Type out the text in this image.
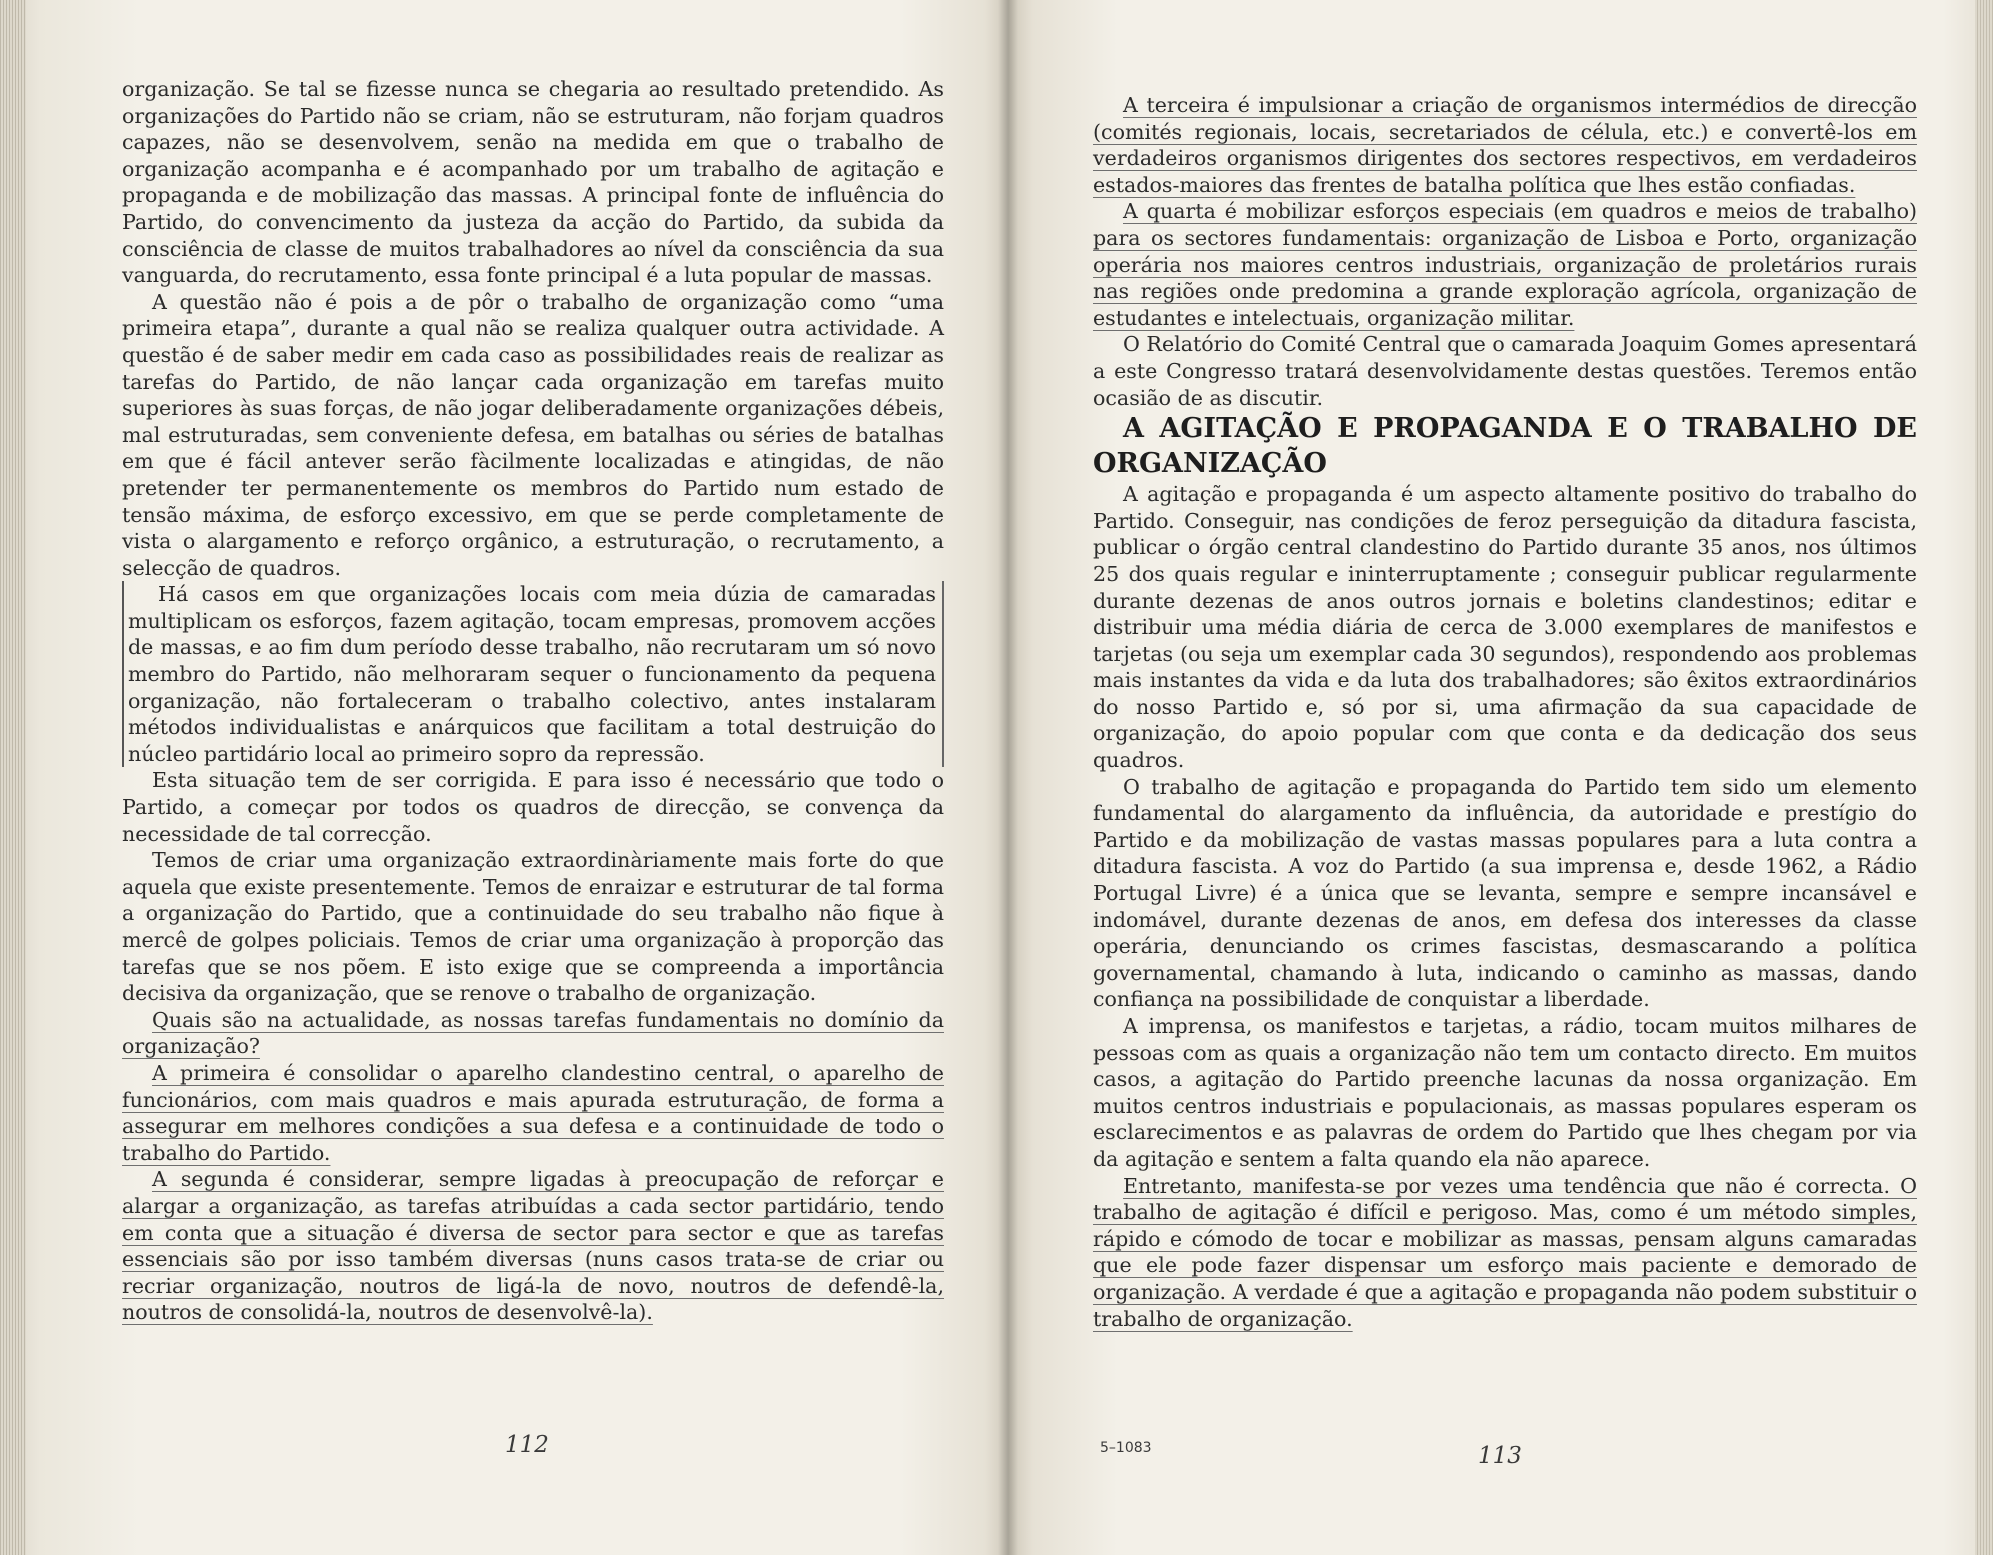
organização. Se tal se fizesse nunca se chegaria ao resultado pretendido. As organizações do Partido não se criam, não se estruturam, não forjam quadros capazes, não se desenvolvem, senão na medida em que o trabalho de organização acompanha e é acompanhado por um trabalho de agitação e propaganda e de mobilização das massas. A principal fonte de influência do Partido, do convencimento da justeza da acção do Partido, da subida da consciência de classe de muitos trabalhadores ao nível da consciência da sua vanguarda, do recrutamento, essa fonte principal é a luta popular de massas.

A questão não é pois a de pôr o trabalho de organização como “uma primeira etapa”, durante a qual não se realiza qualquer outra actividade. A questão é de saber medir em cada caso as possibilidades reais de realizar as tarefas do Partido, de não lançar cada organização em tarefas muito superiores às suas forças, de não jogar deliberadamente organizações débeis, mal estruturadas, sem conveniente defesa, em batalhas ou séries de batalhas em que é fácil antever serão fàcilmente localizadas e atingidas, de não pretender ter permanentemente os membros do Partido num estado de tensão máxima, de esforço excessivo, em que se perde completamente de vista o alargamento e reforço orgânico, a estruturação, o recrutamento, a selecção de quadros.

Há casos em que organizações locais com meia dúzia de camaradas multiplicam os esforços, fazem agitação, tocam empresas, promovem acções de massas, e ao fim dum período desse trabalho, não recrutaram um só novo membro do Partido, não melhoraram sequer o funcionamento da pequena organização, não fortaleceram o trabalho colectivo, antes instalaram métodos individualistas e anárquicos que facilitam a total destruição do núcleo partidário local ao primeiro sopro da repressão.

Esta situação tem de ser corrigida. E para isso é necessário que todo o Partido, a começar por todos os quadros de direcção, se convença da necessidade de tal correcção.

Temos de criar uma organização extraordinàriamente mais forte do que aquela que existe presentemente. Temos de enraizar e estruturar de tal forma a organização do Partido, que a continuidade do seu trabalho não fique à mercê de golpes policiais. Temos de criar uma organização à proporção das tarefas que se nos põem. E isto exige que se compreenda a importância decisiva da organização, que se renove o trabalho de organização.

Quais são na actualidade, as nossas tarefas fundamentais no domínio da organização?

A primeira é consolidar o aparelho clandestino central, o aparelho de funcionários, com mais quadros e mais apurada estruturação, de forma a assegurar em melhores condições a sua defesa e a continuidade de todo o trabalho do Partido.

A segunda é considerar, sempre ligadas à preocupação de reforçar e alargar a organização, as tarefas atribuídas a cada sector partidário, tendo em conta que a situação é diversa de sector para sector e que as tarefas essenciais são por isso também diversas (nuns casos trata-se de criar ou recriar organização, noutros de ligá-la de novo, noutros de defendê-la, noutros de consolidá-la, noutros de desenvolvê-la).

112

A terceira é impulsionar a criação de organismos intermédios de direcção (comités regionais, locais, secretariados de célula, etc.) e convertê-los em verdadeiros organismos dirigentes dos sectores respectivos, em verdadeiros estados-maiores das frentes de batalha política que lhes estão confiadas.

A quarta é mobilizar esforços especiais (em quadros e meios de trabalho) para os sectores fundamentais: organização de Lisboa e Porto, organização operária nos maiores centros industriais, organização de proletários rurais nas regiões onde predomina a grande exploração agrícola, organização de estudantes e intelectuais, organização militar.

O Relatório do Comité Central que o camarada Joaquim Gomes apresentará a este Congresso tratará desenvolvidamente destas questões. Teremos então ocasião de as discutir.

A AGITAÇÃO E PROPAGANDA E O TRABALHO DE ORGANIZAÇÃO

A agitação e propaganda é um aspecto altamente positivo do trabalho do Partido. Conseguir, nas condições de feroz perseguição da ditadura fascista, publicar o órgão central clandestino do Partido durante 35 anos, nos últimos 25 dos quais regular e ininterruptamente ; conseguir publicar regularmente durante dezenas de anos outros jornais e boletins clandestinos; editar e distribuir uma média diária de cerca de 3.000 exemplares de manifestos e tarjetas (ou seja um exemplar cada 30 segundos), respondendo aos problemas mais instantes da vida e da luta dos trabalhadores; são êxitos extraordinários do nosso Partido e, só por si, uma afirmação da sua capacidade de organização, do apoio popular com que conta e da dedicação dos seus quadros.

O trabalho de agitação e propaganda do Partido tem sido um elemento fundamental do alargamento da influência, da autoridade e prestígio do Partido e da mobilização de vastas massas populares para a luta contra a ditadura fascista. A voz do Partido (a sua imprensa e, desde 1962, a Rádio Portugal Livre) é a única que se levanta, sempre e sempre incansável e indomável, durante dezenas de anos, em defesa dos interesses da classe operária, denunciando os crimes fascistas, desmascarando a política governamental, chamando à luta, indicando o caminho as massas, dando confiança na possibilidade de conquistar a liberdade.

A imprensa, os manifestos e tarjetas, a rádio, tocam muitos milhares de pessoas com as quais a organização não tem um contacto directo. Em muitos casos, a agitação do Partido preenche lacunas da nossa organização. Em muitos centros industriais e populacionais, as massas populares esperam os esclarecimentos e as palavras de ordem do Partido que lhes chegam por via da agitação e sentem a falta quando ela não aparece.

Entretanto, manifesta-se por vezes uma tendência que não é correcta. O trabalho de agitação é difícil e perigoso. Mas, como é um método simples, rápido e cómodo de tocar e mobilizar as massas, pensam alguns camaradas que ele pode fazer dispensar um esforço mais paciente e demorado de organização. A verdade é que a agitação e propaganda não podem substituir o trabalho de organização.

5–1083	113
